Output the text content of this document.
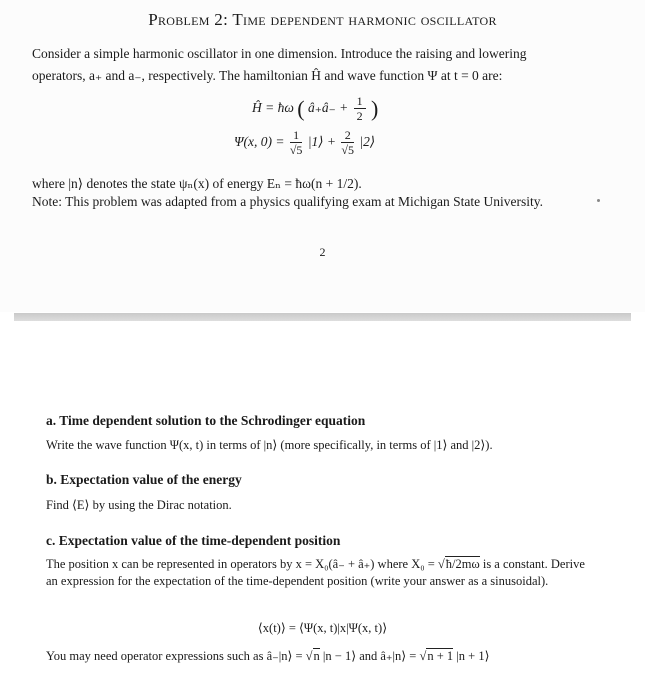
Problem 2: Time dependent harmonic oscillator
Consider a simple harmonic oscillator in one dimension. Introduce the raising and lowering
operators, a₊ and a₋, respectively. The hamiltonian Ĥ and wave function Ψ at t = 0 are:
Ĥ = ħω ( â₊â₋ + $\frac{1}{2}$ )
Ψ(x, $0) = \frac{1}{√5}$ |1⟩ + $\frac{2}{√5}$ |2⟩
where |n⟩ denotes the state ψₙ(x) of energy Eₙ = ħω(n + 1/2).
Note: This problem was adapted from a physics qualifying exam at Michigan State University.
2
a. Time dependent solution to the Schrodinger equation
Write the wave function Ψ(x, t) in terms of |n⟩ (more specifically, in terms of |1⟩ and |2⟩).
b. Expectation value of the energy
Find ⟨E⟩ by using the Dirac notation.
c. Expectation value of the time-dependent position
The position x can be represented in operators by x = X₀(â₋ + â₊) where X₀ = √ħ/2mω is a constant. Derive an expression for the expectation of the time-dependent position (write your answer as a sinusoidal).
⟨x(t)⟩ = ⟨Ψ(x, t)|x|Ψ(x, t)⟩
You may need operator expressions such as â₋|n⟩ = √n |n − 1⟩ and â₊|n⟩ = √n + 1 |n + 1⟩
